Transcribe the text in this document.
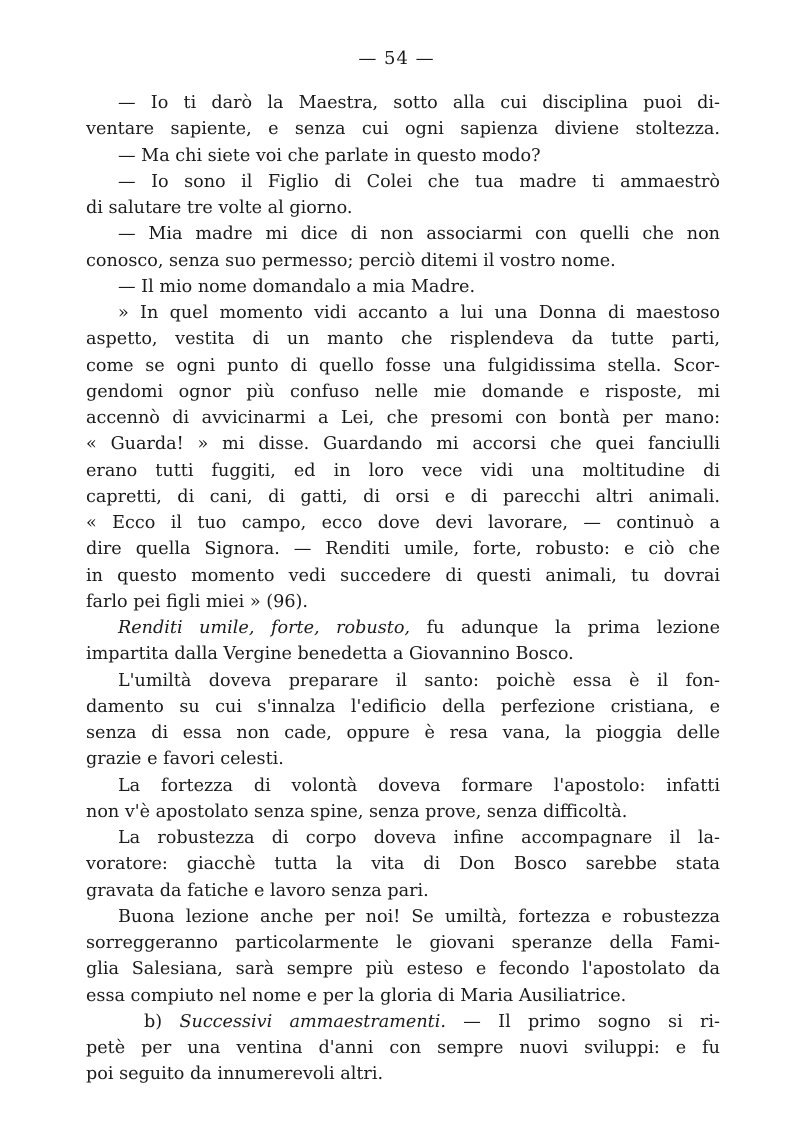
— 54 —
— Io ti darò la Maestra, sotto alla cui disciplina puoi di-
ventare sapiente, e senza cui ogni sapienza diviene stoltezza.
— Ma chi siete voi che parlate in questo modo?
— Io sono il Figlio di Colei che tua madre ti ammaestrò
di salutare tre volte al giorno.
— Mia madre mi dice di non associarmi con quelli che non
conosco, senza suo permesso; perciò ditemi il vostro nome.
— Il mio nome domandalo a mia Madre.
» In quel momento vidi accanto a lui una Donna di maestoso
aspetto, vestita di un manto che risplendeva da tutte parti,
come se ogni punto di quello fosse una fulgidissima stella. Scor-
gendomi ognor più confuso nelle mie domande e risposte, mi
accennò di avvicinarmi a Lei, che presomi con bontà per mano:
« Guarda! » mi disse. Guardando mi accorsi che quei fanciulli
erano tutti fuggiti, ed in loro vece vidi una moltitudine di
capretti, di cani, di gatti, di orsi e di parecchi altri animali.
« Ecco il tuo campo, ecco dove devi lavorare, — continuò a
dire quella Signora. — Renditi umile, forte, robusto: e ciò che
in questo momento vedi succedere di questi animali, tu dovrai
farlo pei figli miei » (96).
Renditi umile, forte, robusto, fu adunque la prima lezione
impartita dalla Vergine benedetta a Giovannino Bosco.
L'umiltà doveva preparare il santo: poichè essa è il fon-
damento su cui s'innalza l'edificio della perfezione cristiana, e
senza di essa non cade, oppure è resa vana, la pioggia delle
grazie e favori celesti.
La fortezza di volontà doveva formare l'apostolo: infatti
non v'è apostolato senza spine, senza prove, senza difficoltà.
La robustezza di corpo doveva infine accompagnare il la-
voratore: giacchè tutta la vita di Don Bosco sarebbe stata
gravata da fatiche e lavoro senza pari.
Buona lezione anche per noi! Se umiltà, fortezza e robustezza
sorreggeranno particolarmente le giovani speranze della Fami-
glia Salesiana, sarà sempre più esteso e fecondo l'apostolato da
essa compiuto nel nome e per la gloria di Maria Ausiliatrice.
b) Successivi ammaestramenti. — Il primo sogno si ri-
petè per una ventina d'anni con sempre nuovi sviluppi: e fu
poi seguito da innumerevoli altri.
